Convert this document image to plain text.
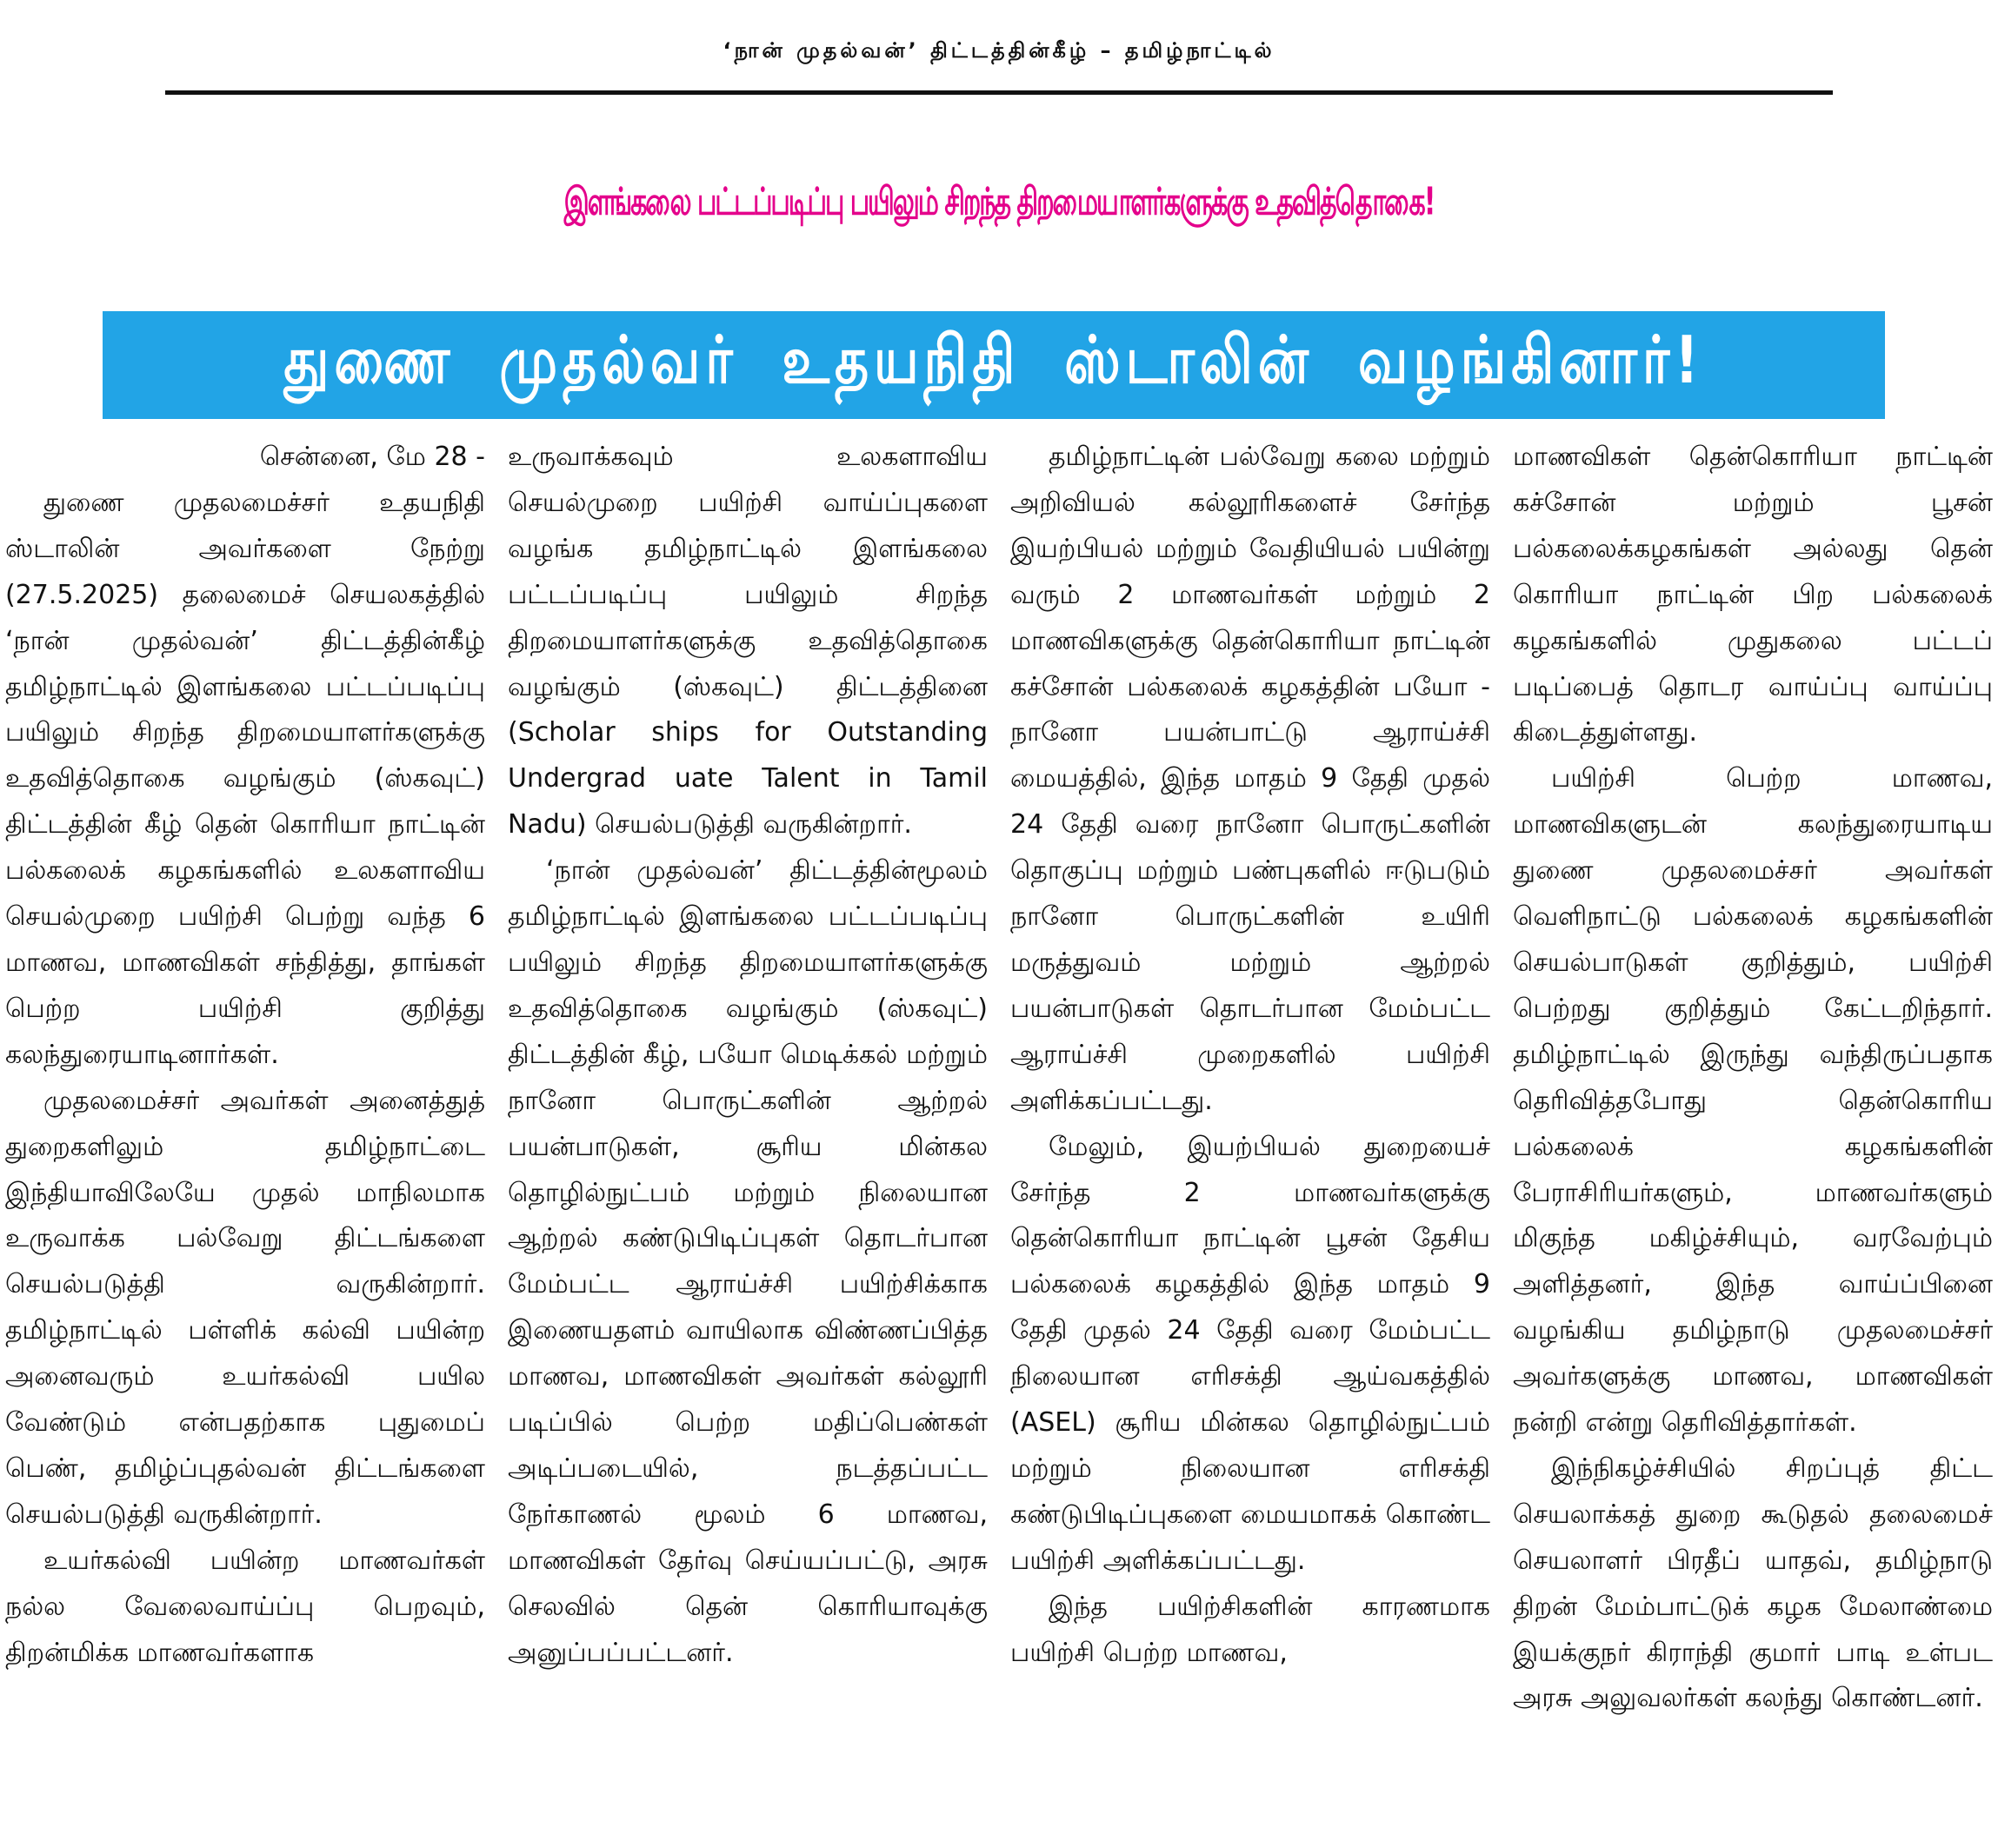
‘நான் முதல்வன்’ திட்டத்தின்கீழ் – தமிழ்நாட்டில்
இளங்கலை பட்டப்படிப்பு பயிலும் சிறந்த திறமையாளர்களுக்கு உதவித்தொகை!
துணை முதல்வர் உதயநிதி ஸ்டாலின் வழங்கினார்!

சென்னை, மே 28 -

துணை முதலமைச்சர் உதயநிதி ஸ்டாலின் அவர்களை நேற்று (27.5.2025) தலைமைச் செயலகத்தில் ‘நான் முதல்வன்’ திட்டத்தின்கீழ் தமிழ்நாட்டில் இளங்கலை பட்டப்படிப்பு பயிலும் சிறந்த திறமையாளர்களுக்கு உதவித்தொகை வழங்கும் (ஸ்கவுட்) திட்டத்தின் கீழ் தென் கொரியா நாட்டின் பல்கலைக் கழகங்களில் உலகளாவிய செயல்முறை பயிற்சி பெற்று வந்த 6 மாணவ, மாணவிகள் சந்தித்து, தாங்கள் பெற்ற பயிற்சி குறித்து கலந்துரையாடினார்கள்.

முதலமைச்சர் அவர்கள் அனைத்துத் துறைகளிலும் தமிழ்நாட்டை இந்தியாவிலேயே முதல் மாநிலமாக உருவாக்க பல்வேறு திட்டங்களை செயல்படுத்தி வருகின்றார். தமிழ்நாட்டில் பள்ளிக் கல்வி பயின்ற அனைவரும் உயர்கல்வி பயில வேண்டும் என்பதற்காக புதுமைப் பெண், தமிழ்ப்புதல்வன் திட்டங்களை செயல்படுத்தி வருகின்றார்.

உயர்கல்வி பயின்ற மாணவர்கள் நல்ல வேலைவாய்ப்பு பெறவும், திறன்மிக்க மாணவர்களாக

உருவாக்கவும் உலகளாவிய செயல்முறை பயிற்சி வாய்ப்புகளை வழங்க தமிழ்நாட்டில் இளங்கலை பட்டப்படிப்பு பயிலும் சிறந்த திறமையாளர்களுக்கு உதவித்தொகை வழங்கும் (ஸ்கவுட்) திட்டத்தினை (Scholar ships for Outstanding Undergrad uate Talent in Tamil Nadu) செயல்படுத்தி வருகின்றார்.

‘நான் முதல்வன்’ திட்டத்தின்மூலம் தமிழ்நாட்டில் இளங்கலை பட்டப்படிப்பு பயிலும் சிறந்த திறமையாளர்களுக்கு உதவித்தொகை வழங்கும் (ஸ்கவுட்) திட்டத்தின் கீழ், பயோ மெடிக்கல் மற்றும் நானோ பொருட்களின் ஆற்றல் பயன்பாடுகள், சூரிய மின்கல தொழில்நுட்பம் மற்றும் நிலையான ஆற்றல் கண்டுபிடிப்புகள் தொடர்பான மேம்பட்ட ஆராய்ச்சி பயிற்சிக்காக இணையதளம் வாயிலாக விண்ணப்பித்த மாணவ, மாணவிகள் அவர்கள் கல்லூரி படிப்பில் பெற்ற மதிப்பெண்கள் அடிப்படையில், நடத்தப்பட்ட நேர்காணல் மூலம் 6 மாணவ, மாணவிகள் தேர்வு செய்யப்பட்டு, அரசு செலவில் தென் கொரியாவுக்கு அனுப்பப்பட்டனர்.

தமிழ்நாட்டின் பல்வேறு கலை மற்றும் அறிவியல் கல்லூரிகளைச் சேர்ந்த இயற்பியல் மற்றும் வேதியியல் பயின்று வரும் 2 மாணவர்கள் மற்றும் 2 மாணவிகளுக்கு தென்கொரியா நாட்டின் கச்சோன் பல்கலைக் கழகத்தின் பயோ - நானோ பயன்பாட்டு ஆராய்ச்சி மையத்தில், இந்த மாதம் 9 தேதி முதல் 24 தேதி வரை நானோ பொருட்களின் தொகுப்பு மற்றும் பண்புகளில் ஈடுபடும் நானோ பொருட்களின் உயிரி மருத்துவம் மற்றும் ஆற்றல் பயன்பாடுகள் தொடர்பான மேம்பட்ட ஆராய்ச்சி முறைகளில் பயிற்சி அளிக்கப்பட்டது.

மேலும், இயற்பியல் துறையைச் சேர்ந்த 2 மாணவர்களுக்கு தென்கொரியா நாட்டின் பூசன் தேசிய பல்கலைக் கழகத்தில் இந்த மாதம் 9 தேதி முதல் 24 தேதி வரை மேம்பட்ட நிலையான எரிசக்தி ஆய்வகத்தில் (ASEL) சூரிய மின்கல தொழில்நுட்பம் மற்றும் நிலையான எரிசக்தி கண்டுபிடிப்புகளை மையமாகக் கொண்ட பயிற்சி அளிக்கப்பட்டது.

இந்த பயிற்சிகளின் காரணமாக பயிற்சி பெற்ற மாணவ,

மாணவிகள் தென்கொரியா நாட்டின் கச்சோன் மற்றும் பூசன் பல்கலைக்கழகங்கள் அல்லது தென் கொரியா நாட்டின் பிற பல்கலைக் கழகங்களில் முதுகலை பட்டப் படிப்பைத் தொடர வாய்ப்பு வாய்ப்பு கிடைத்துள்ளது.

பயிற்சி பெற்ற மாணவ, மாணவிகளுடன் கலந்துரையாடிய துணை முதலமைச்சர் அவர்கள் வெளிநாட்டு பல்கலைக் கழகங்களின் செயல்பாடுகள் குறித்தும், பயிற்சி பெற்றது குறித்தும் கேட்டறிந்தார். தமிழ்நாட்டில் இருந்து வந்திருப்பதாக தெரிவித்தபோது தென்கொரிய பல்கலைக் கழகங்களின் பேராசிரியர்களும், மாணவர்களும் மிகுந்த மகிழ்ச்சியும், வரவேற்பும் அளித்தனர், இந்த வாய்ப்பினை வழங்கிய தமிழ்நாடு முதலமைச்சர் அவர்களுக்கு மாணவ, மாணவிகள் நன்றி என்று தெரிவித்தார்கள்.

இந்நிகழ்ச்சியில் சிறப்புத் திட்ட செயலாக்கத் துறை கூடுதல் தலைமைச் செயலாளர் பிரதீப் யாதவ், தமிழ்நாடு திறன் மேம்பாட்டுக் கழக மேலாண்மை இயக்குநர் கிராந்தி குமார் பாடி உள்பட அரசு அலுவலர்கள் கலந்து கொண்டனர்.
